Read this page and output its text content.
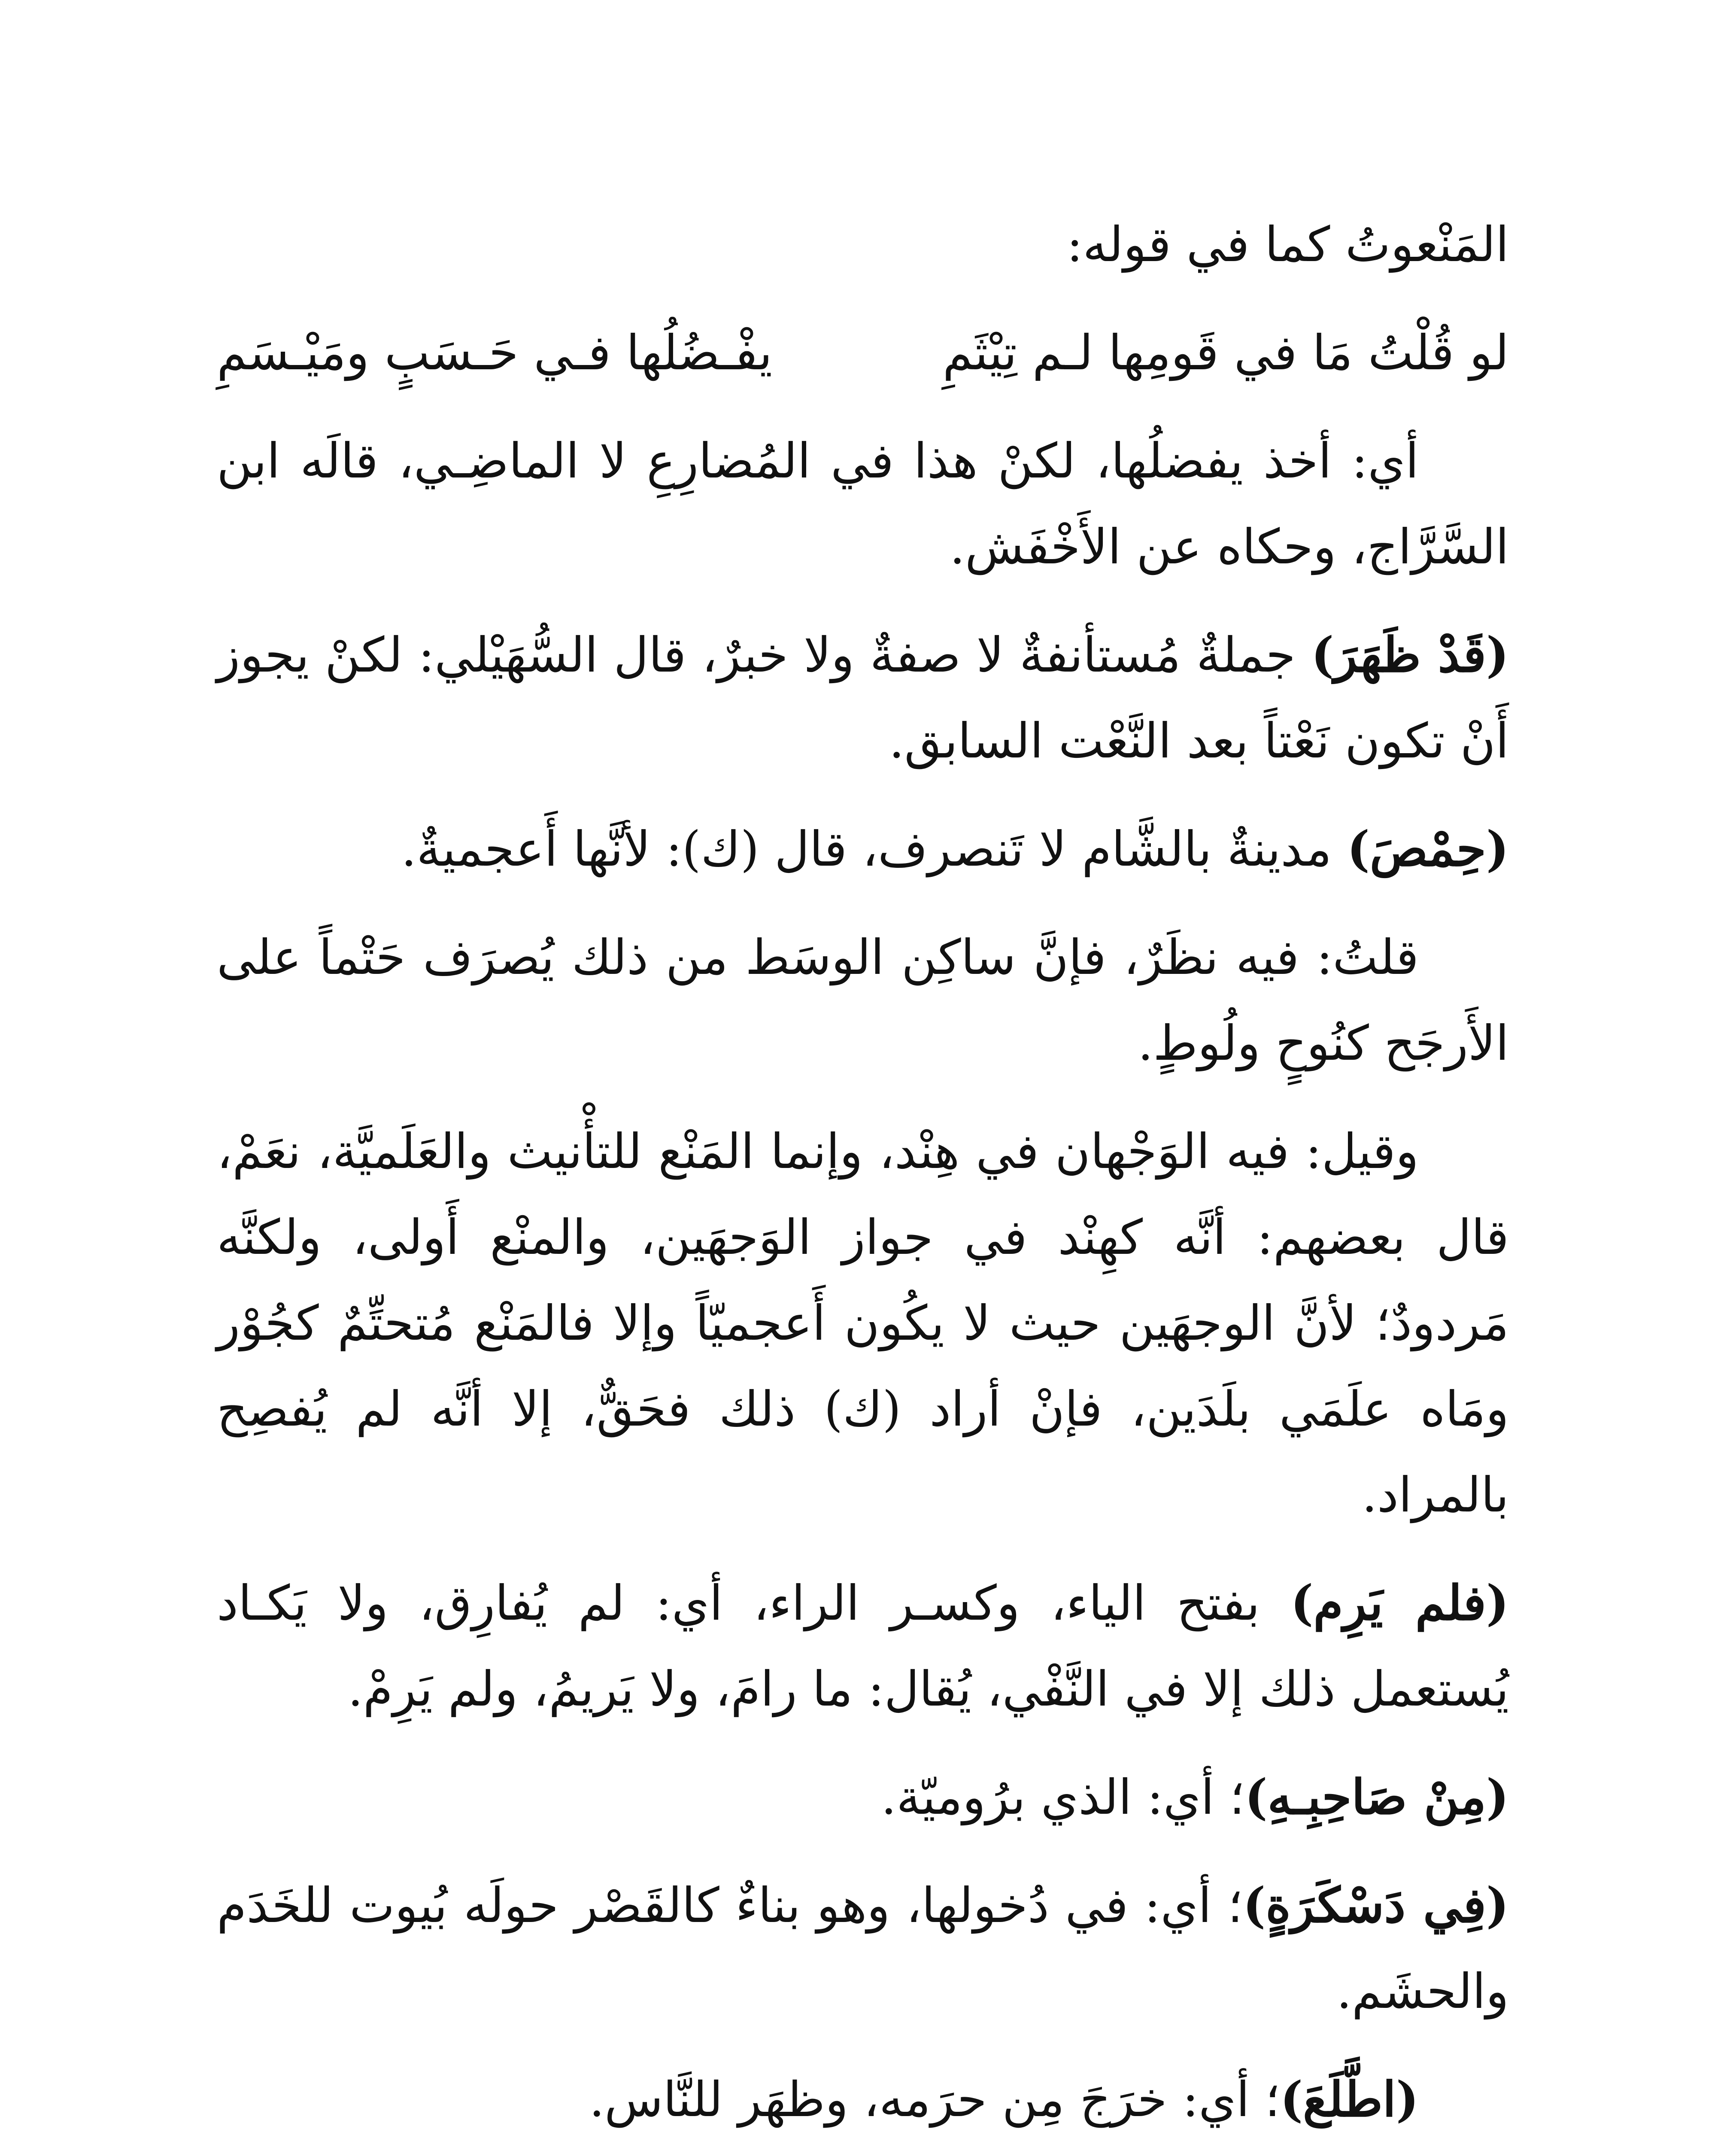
المَنْعوتُ كما في قوله:

لو قُلْتُ مَا في قَومِها لـم تِيْثَمِ
يفْـضُلُها فـي حَـسَبٍ ومَيْـسَمِ

أي: أخذ يفضلُها، لكنْ هذا في المُضارِعِ لا الماضِـي، قالَه ابن السَّرَّاج، وحكاه عن الأَخْفَش.

(قَدْ ظَهَرَ) جملةٌ مُستأنفةٌ لا صفةٌ ولا خبرٌ، قال السُّهَيْلي: لكنْ يجوز أَنْ تكون نَعْتاً بعد النَّعْت السابق.

(حِمْصَ) مدينةٌ بالشَّام لا تَنصرف، قال (ك): لأنَّها أَعجميةٌ.

قلتُ: فيه نظَرٌ، فإنَّ ساكِن الوسَط من ذلك يُصرَف حَتْماً على الأَرجَح كنُوحٍ ولُوطٍ.

وقيل: فيه الوَجْهان في هِنْد، وإنما المَنْع للتأْنيث والعَلَميَّة، نعَمْ، قال بعضهم: أنَّه كهِنْد في جواز الوَجهَين، والمنْع أَولى، ولكنَّه مَردودٌ؛ لأنَّ الوجهَين حيث لا يكُون أَعجميّاً وإلا فالمَنْع مُتحتِّمٌ كجُوْر ومَاه علَمَي بلَدَين، فإنْ أراد (ك) ذلك فحَقٌّ، إلا أنَّه لم يُفصِح بالمراد.

(فلم يَرِم) بفتح الياء، وكسـر الراء، أي: لم يُفارِق، ولا يَكـاد يُستعمل ذلك إلا في النَّفْي، يُقال: ما رامَ، ولا يَريمُ، ولم يَرِمْ.

(مِنْ صَاحِبِـهِ)؛ أي: الذي برُوميّة.

(فِي دَسْكَرَةٍ)؛ أي: في دُخولها، وهو بناءٌ كالقَصْر حولَه بُيوت للخَدَم والحشَم.

(اطَّلَعَ)؛ أي: خرَجَ مِن حرَمه، وظهَر للنَّاس.
